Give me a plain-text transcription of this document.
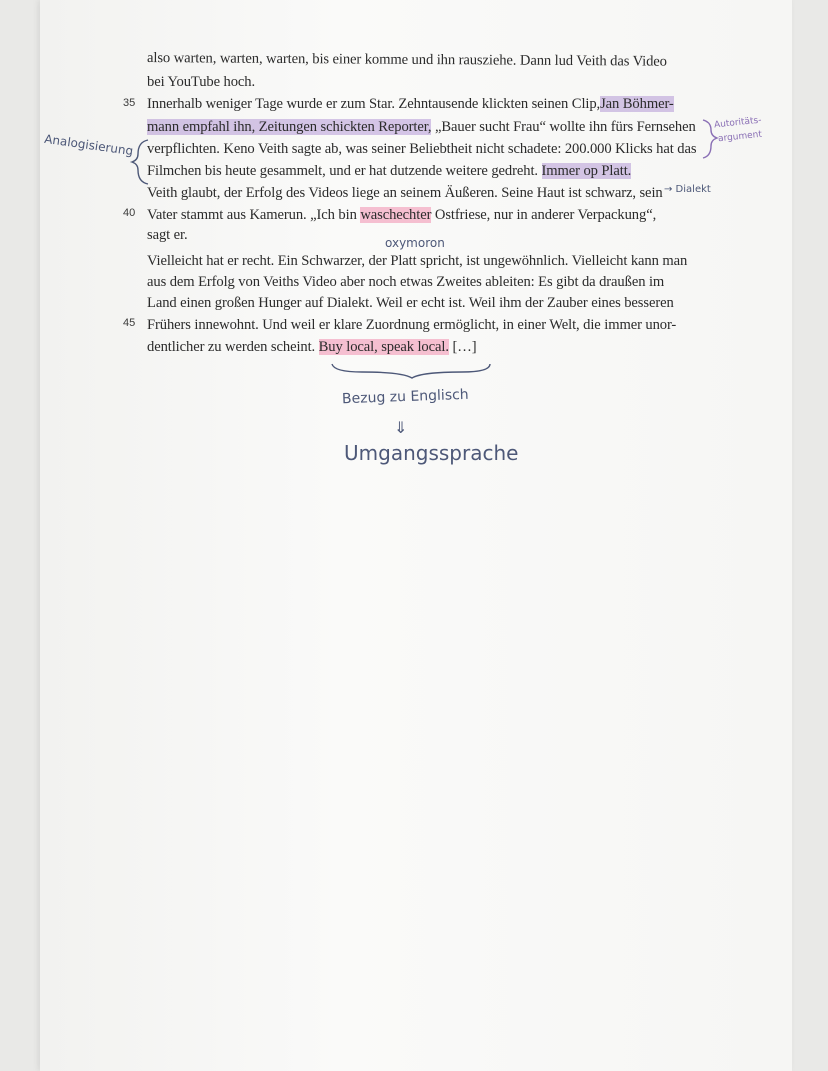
35
40
45
also warten, warten, warten, bis einer komme und ihn rausziehe. Dann lud Veith das Video
bei YouTube hoch.
Innerhalb weniger Tage wurde er zum Star. Zehntausende klickten seinen Clip,Jan Böhmer-
mann empfahl ihn, Zeitungen schickten Reporter, „Bauer sucht Frau“ wollte ihn fürs Fernsehen
verpflichten. Keno Veith sagte ab, was seiner Beliebtheit nicht schadete: 200.000 Klicks hat das
Filmchen bis heute gesammelt, und er hat dutzende weitere gedreht. Immer op Platt.
Veith glaubt, der Erfolg des Videos liege an seinem Äußeren. Seine Haut ist schwarz, sein
Vater stammt aus Kamerun. „Ich bin waschechter Ostfriese, nur in anderer Verpackung“,
sagt er.
Vielleicht hat er recht. Ein Schwarzer, der Platt spricht, ist ungewöhnlich. Vielleicht kann man
aus dem Erfolg von Veiths Video aber noch etwas Zweites ableiten: Es gibt da draußen im
Land einen großen Hunger auf Dialekt. Weil er echt ist. Weil ihm der Zauber eines besseren
Frühers innewohnt. Und weil er klare Zuordnung ermöglicht, in einer Welt, die immer unor-
dentlicher zu werden scheint. Buy local, speak local. […]
Autoritäts-
argument
Analogisierung
→ Dialekt
oxymoron
Bezug zu Englisch
⇓
Umgangssprache
